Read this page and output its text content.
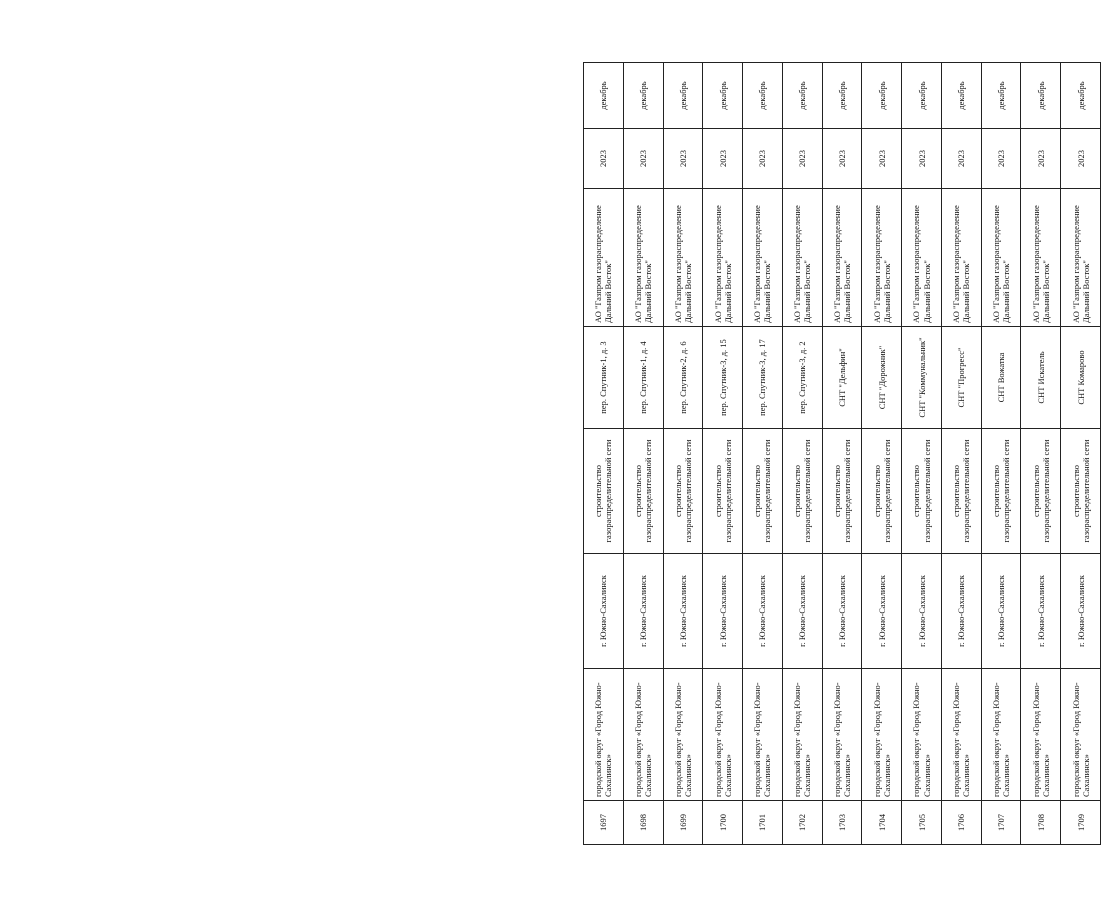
1697	городской округ «Город Южно-Сахалинск»	г. Южно-Сахалинск	строительство газораспределительной сети	пер. Спутник-1, д. 3	АО "Газпром газораспределение Дальний Восток"	2023	декабрь
1698	городской округ «Город Южно-Сахалинск»	г. Южно-Сахалинск	строительство газораспределительной сети	пер. Спутник-1, д. 4	АО "Газпром газораспределение Дальний Восток"	2023	декабрь
1699	городской округ «Город Южно-Сахалинск»	г. Южно-Сахалинск	строительство газораспределительной сети	пер. Спутник-2, д. 6	АО "Газпром газораспределение Дальний Восток"	2023	декабрь
1700	городской округ «Город Южно-Сахалинск»	г. Южно-Сахалинск	строительство газораспределительной сети	пер. Спутник-3, д. 15	АО "Газпром газораспределение Дальний Восток"	2023	декабрь
1701	городской округ «Город Южно-Сахалинск»	г. Южно-Сахалинск	строительство газораспределительной сети	пер. Спутник-3, д. 17	АО "Газпром газораспределение Дальний Восток"	2023	декабрь
1702	городской округ «Город Южно-Сахалинск»	г. Южно-Сахалинск	строительство газораспределительной сети	пер. Спутник-3, д. 2	АО "Газпром газораспределение Дальний Восток"	2023	декабрь
1703	городской округ «Город Южно-Сахалинск»	г. Южно-Сахалинск	строительство газораспределительной сети	СНТ "Дельфин"	АО "Газпром газораспределение Дальний Восток"	2023	декабрь
1704	городской округ «Город Южно-Сахалинск»	г. Южно-Сахалинск	строительство газораспределительной сети	СНТ "Дорожник"	АО "Газпром газораспределение Дальний Восток"	2023	декабрь
1705	городской округ «Город Южно-Сахалинск»	г. Южно-Сахалинск	строительство газораспределительной сети	СНТ "Коммунальник"	АО "Газпром газораспределение Дальний Восток"	2023	декабрь
1706	городской округ «Город Южно-Сахалинск»	г. Южно-Сахалинск	строительство газораспределительной сети	СНТ "Прогресс"	АО "Газпром газораспределение Дальний Восток"	2023	декабрь
1707	городской округ «Город Южно-Сахалинск»	г. Южно-Сахалинск	строительство газораспределительной сети	СНТ Вожатка	АО "Газпром газораспределение Дальний Восток"	2023	декабрь
1708	городской округ «Город Южно-Сахалинск»	г. Южно-Сахалинск	строительство газораспределительной сети	СНТ Искатель	АО "Газпром газораспределение Дальний Восток"	2023	декабрь
1709	городской округ «Город Южно-Сахалинск»	г. Южно-Сахалинск	строительство газораспределительной сети	СНТ Комарово	АО "Газпром газораспределение Дальний Восток"	2023	декабрь
